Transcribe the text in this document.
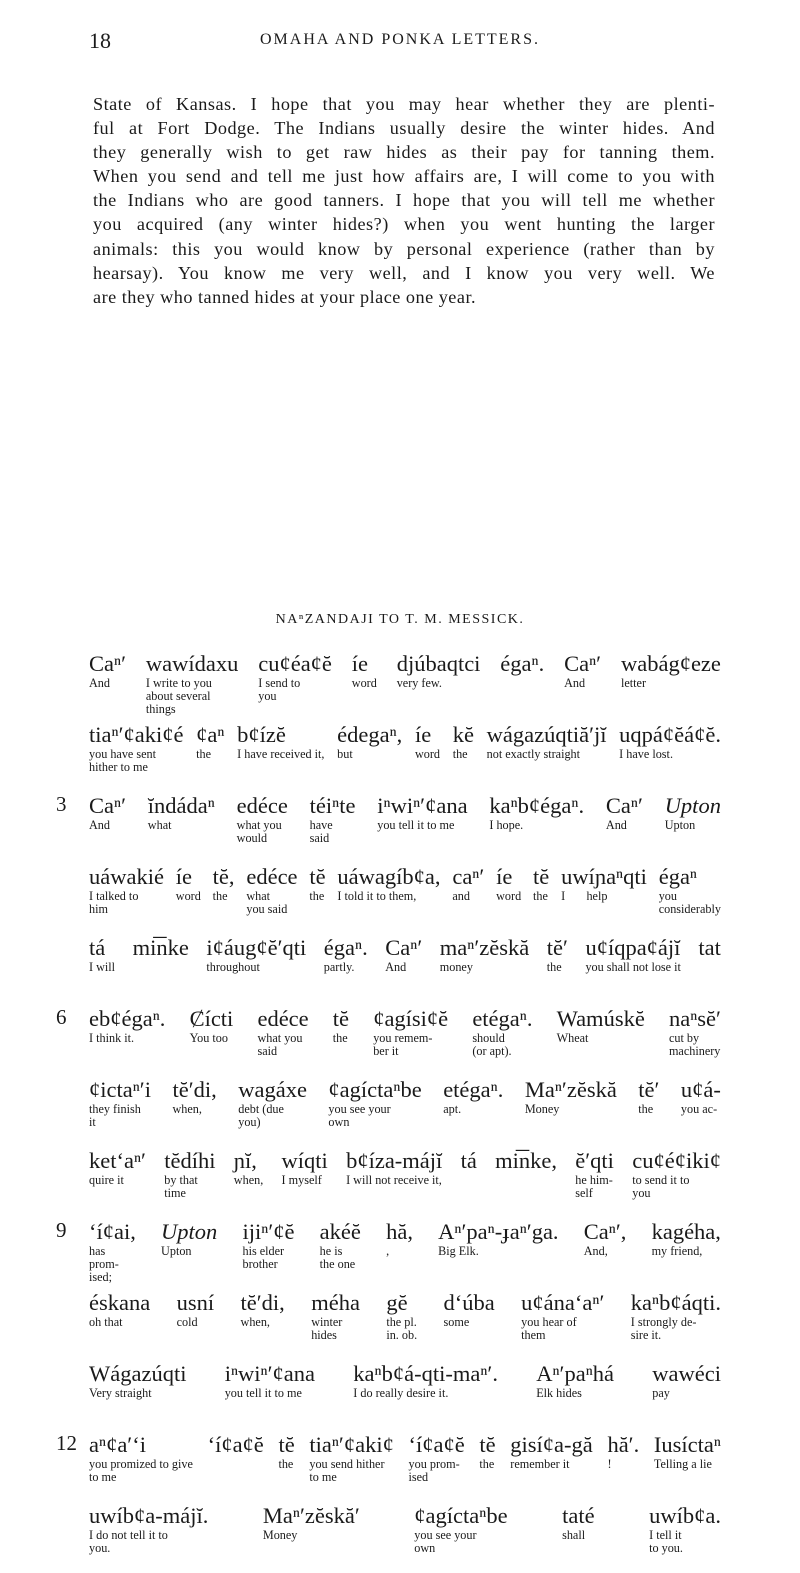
18	OMAHA AND PONKA LETTERS.

State of Kansas. I hope that you may hear whether they are plenti-

ful at Fort Dodge. The Indians usually desire the winter hides. And

they generally wish to get raw hides as their pay for tanning them.

When you send and tell me just how affairs are, I will come to you with

the Indians who are good tanners. I hope that you will tell me whether

you acquired (any winter hides?) when you went hunting the larger

animals: this you would know by personal experience (rather than by

hearsay). You know me very well, and I know you very well. We

are they who tanned hides at your place one year.

NAⁿZANDAJI TO T. M. MESSICK.
Caⁿ′
And
wawídaxu
I write to you
about several
things
cuȼéaȼĕ
I send to
you
íe
word
djúbaqtci
very few.
égaⁿ. Caⁿ′
And
wabágȼeze
letter
tiaⁿ′ȼakiȼé
you have sent
hither to me
ȼaⁿ
the
bȼízĕ
I have received it,
édegaⁿ,
but
íe
word
kĕ
the
wágazúqtiă′jĭ
not exactly straight
uqpáȼĕáȼĕ.
I have lost.
3 Caⁿ′
And
ĭndádaⁿ
what
edéce
what you
would
téiⁿte
have
said
iⁿwiⁿ′ȼana
you tell it to me
kaⁿbȼégaⁿ.
I hope.
Caⁿ′
And
Upton
Upton
uáwakié
I talked to
him
íe
word
tĕ,
the
edéce
what
you said
tĕ
the
uáwagíbȼa,
I told it to them,
caⁿ′
and
íe
word
tĕ
the
uwíɲaⁿqti
I       help
égaⁿ
you
considerably
tá
I will
mi͞nke iȼáugȼĕ′qti
throughout
égaⁿ.
partly.
Caⁿ′
And
maⁿ′zĕskă
money
tĕ′
the
uȼíqpaȼájĭ
you shall not lose it
tat
6 ebȼégaⁿ.
I think it.
Ȼícti
You too
edéce
what you
said
tĕ
the
ȼagísiȼĕ
you remem-
ber it
etégaⁿ.
should
(or apt).
Wamúskĕ
Wheat
naⁿsĕ′
cut by
machinery
ȼictaⁿ′i
they finish
it
tĕ′di,
when,
wagáxe
debt (due
you)
ȼagíctaⁿbe
you see your
own
etégaⁿ.
apt.
Maⁿ′zĕskă
Money
tĕ′
the
uȼá-
you ac-
ketʻaⁿ′
quire it
tĕdíhi
by that
time
ɲĭ,
when,
wíqti
I myself
bȼíza-májĭ
I will not receive it,
tá mi͞nke, ĕ′qti
he him-
self
cuȼéȼikiȼ
to send it to
you
9 ʻíȼai,
has
prom-
ised;
Upton
Upton
ijiⁿ′ȼĕ
his elder
brother
akéĕ
he is
the one
hă,
,
Aⁿ′paⁿ-ɟaⁿ′ga.
Big Elk.
Caⁿ′,
And,
kagéha,
my friend,
éskana
oh that
usní
cold
tĕ′di,
when,
méha
winter
hides
gĕ
the pl.
in. ob.
dʻúba
some
uȼánaʻaⁿ′
you hear of
them
kaⁿbȼáqti.
I strongly de-
sire it.
Wágazúqti
Very straight
iⁿwiⁿ′ȼana
you tell it to me
kaⁿbȼá-qti-maⁿ′.
I do really desire it.
Aⁿ′paⁿhá
Elk hides
wawéci
pay
12 aⁿȼa′ʻi
you promized to give
to me
ʻíȼaȼĕ tĕ
the
tiaⁿ′ȼakiȼ
you send hither
to me
ʻíȼaȼĕ
you prom-
ised
tĕ
the
gisíȼa-gă
remember it
hă′.
!
Iusíctaⁿ
Telling a lie
uwíbȼa-májĭ.
I do not tell it to
you.
Maⁿ′zĕskă′
Money
ȼagíctaⁿbe
you see your
own
taté
shall
uwíbȼa.
I tell it
to you.
